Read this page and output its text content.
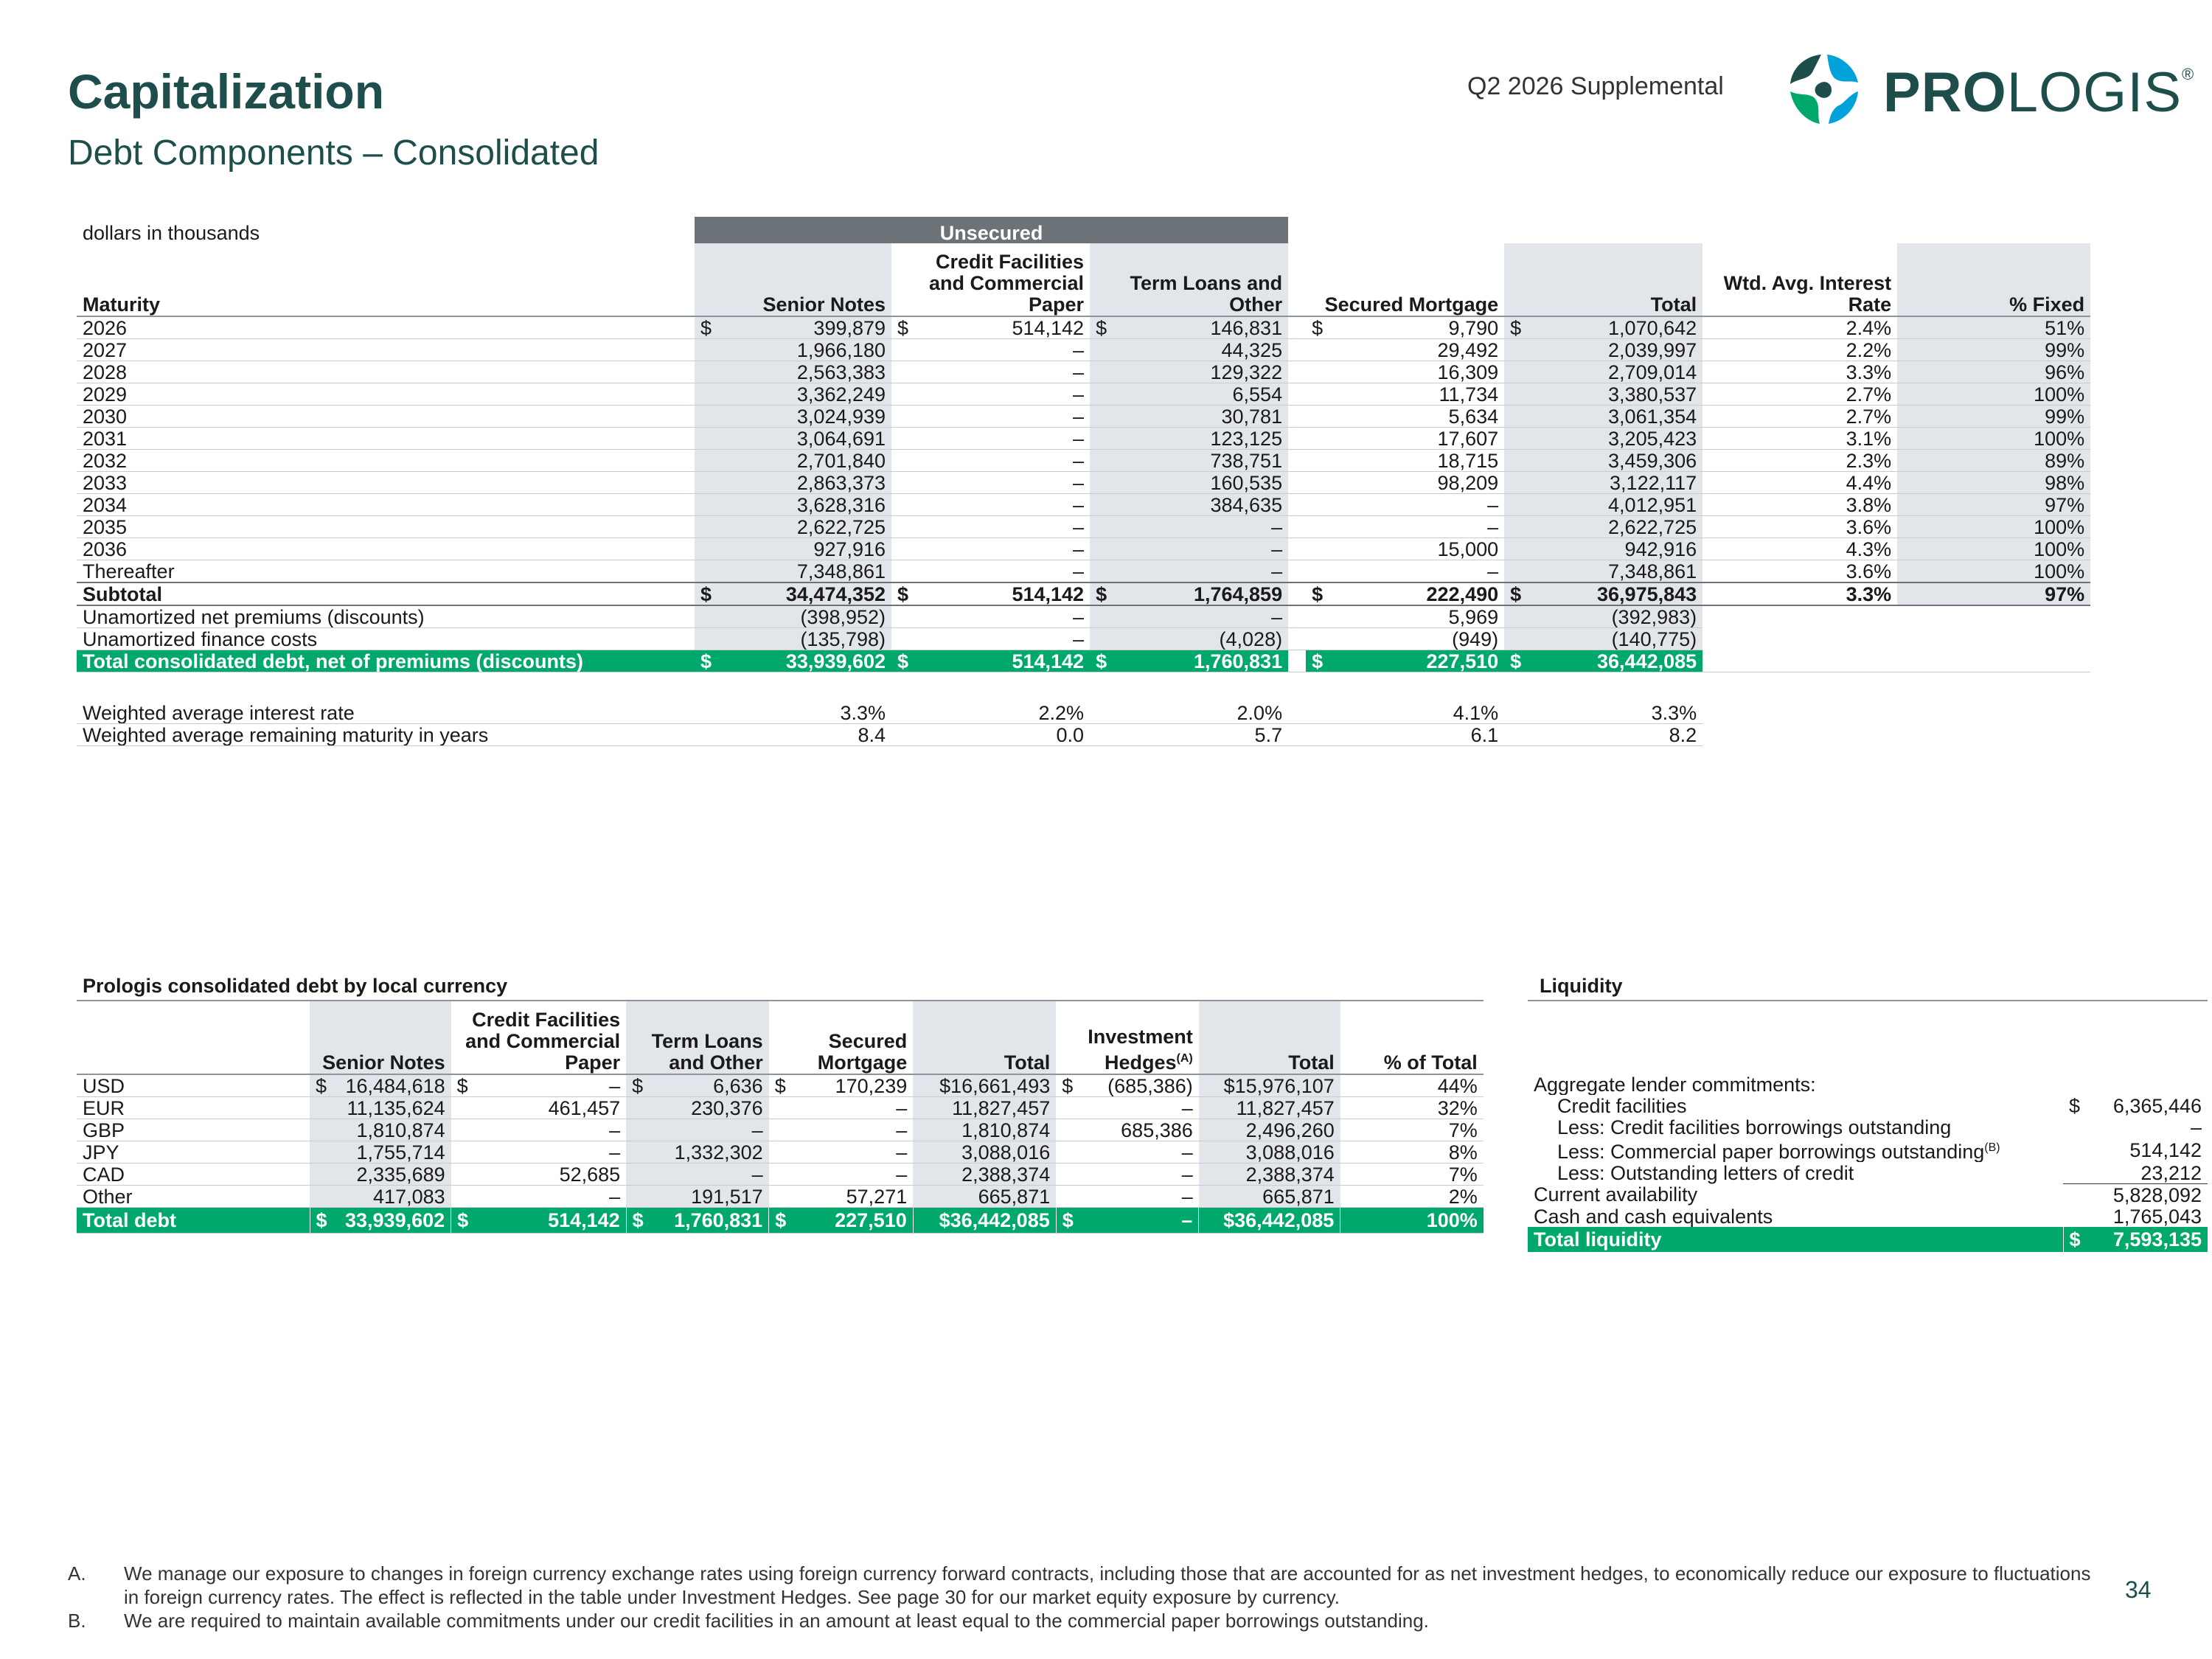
Capitalization
Debt Components – Consolidated
Q2 2026 Supplemental	PROLOGIS®
dollars in thousands	Unsecured												
Maturity	Senior Notes		Credit Facilities and Commercial Paper		Term Loans and Other			Secured Mortgage		Total		Wtd. Avg. Interest Rate	% Fixed
2026	$	399,879	$	514,142	$	146,831		$	9,790	$	1,070,642	2.4%	51%
2027		1,966,180		–		44,325			29,492		2,039,997	2.2%	99%
2028		2,563,383		–		129,322			16,309		2,709,014	3.3%	96%
2029		3,362,249		–		6,554			11,734		3,380,537	2.7%	100%
2030		3,024,939		–		30,781			5,634		3,061,354	2.7%	99%
2031		3,064,691		–		123,125			17,607		3,205,423	3.1%	100%
2032		2,701,840		–		738,751			18,715		3,459,306	2.3%	89%
2033		2,863,373		–		160,535			98,209		3,122,117	4.4%	98%
2034		3,628,316		–		384,635			–		4,012,951	3.8%	97%
2035		2,622,725		–		–			–		2,622,725	3.6%	100%
2036		927,916		–		–			15,000		942,916	4.3%	100%
Thereafter		7,348,861		–		–			–		7,348,861	3.6%	100%
Subtotal	$	34,474,352	$	514,142	$	1,764,859		$	222,490	$	36,975,843	3.3%	97%
Unamortized net premiums (discounts)		(398,952)		–		–			5,969		(392,983)		
Unamortized finance costs		(135,798)		–		(4,028)			(949)		(140,775)		
Total consolidated debt, net of premiums (discounts)	$	33,939,602	$	514,142	$	1,760,831		$	227,510	$	36,442,085		

Weighted average interest rate		3.3%		2.2%		2.0%			4.1%		3.3%		
Weighted average remaining maturity in years		8.4		0.0		5.7			6.1		8.2		
Prologis consolidated debt by local currency
	Senior Notes		Credit Facilities and Commercial Paper		Term Loans and Other		Secured Mortgage		Total	Investment Hedges$^{(A)}$		Total	% of Total
USD	$	16,484,618	$	–	$	6,636	$	170,239	$16,661,493	$	(685,386)	$15,976,107	44%
EUR		11,135,624		461,457		230,376		–	11,827,457		–	11,827,457	32%
GBP		1,810,874		–		–		–	1,810,874		685,386	2,496,260	7%
JPY		1,755,714		–		1,332,302		–	3,088,016		–	3,088,016	8%
CAD		2,335,689		52,685		–		–	2,388,374		–	2,388,374	7%
Other		417,083		–		191,517		57,271	665,871		–	665,871	2%
Total debt	$	33,939,602	$	514,142	$	1,760,831	$	227,510	$36,442,085	$	–	$36,442,085	100%
Liquidity

Aggregate lender commitments:		
Credit facilities	$	6,365,446
Less: Credit facilities borrowings outstanding		–
Less: Commercial paper borrowings outstanding$^{(B)}$		514,142
Less: Outstanding letters of credit		23,212
Current availability		5,828,092
Cash and cash equivalents		1,765,043
Total liquidity	$	7,593,135
A.	We manage our exposure to changes in foreign currency exchange rates using foreign currency forward contracts, including those that are accounted for as net investment hedges, to economically reduce our exposure to fluctuations in foreign currency rates. The effect is reflected in the table under Investment Hedges. See page 30 for our market equity exposure by currency.
B.	We are required to maintain available commitments under our credit facilities in an amount at least equal to the commercial paper borrowings outstanding.
34
